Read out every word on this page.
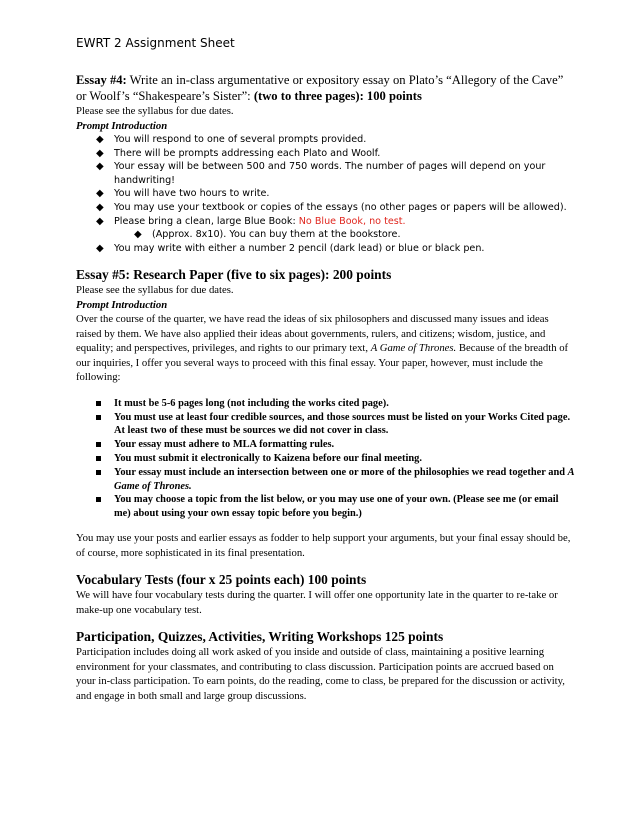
EWRT 2 Assignment Sheet
Essay #4: Write an in-class argumentative or expository essay on Plato’s “Allegory of the Cave” or Woolf’s “Shakespeare’s Sister”: (two to three pages): 100 points
Please see the syllabus for due dates.
Prompt Introduction
◆ You will respond to one of several prompts provided.
◆ There will be prompts addressing each Plato and Woolf.
◆ Your essay will be between 500 and 750 words. The number of pages will depend on your handwriting!
◆ You will have two hours to write.
◆ You may use your textbook or copies of the essays (no other pages or papers will be allowed).
◆ Please bring a clean, large Blue Book: No Blue Book, no test.
◆ (Approx. 8x10). You can buy them at the bookstore.
◆ You may write with either a number 2 pencil (dark lead) or blue or black pen.
Essay #5: Research Paper (five to six pages): 200 points
Please see the syllabus for due dates.
Prompt Introduction
Over the course of the quarter, we have read the ideas of six philosophers and discussed many issues and ideas raised by them. We have also applied their ideas about governments, rulers, and citizens; wisdom, justice, and equality; and perspectives, privileges, and rights to our primary text, A Game of Thrones. Because of the breadth of our inquiries, I offer you several ways to proceed with this final essay. Your paper, however, must include the following:
It must be 5-6 pages long (not including the works cited page).
You must use at least four credible sources, and those sources must be listed on your Works Cited page. At least two of these must be sources we did not cover in class.
Your essay must adhere to MLA formatting rules.
You must submit it electronically to Kaizena before our final meeting.
Your essay must include an intersection between one or more of the philosophies we read together and A Game of Thrones.
You may choose a topic from the list below, or you may use one of your own. (Please see me (or email me) about using your own essay topic before you begin.)
You may use your posts and earlier essays as fodder to help support your arguments, but your final essay should be, of course, more sophisticated in its final presentation.
Vocabulary Tests (four x 25 points each) 100 points
We will have four vocabulary tests during the quarter. I will offer one opportunity late in the quarter to re-take or make-up one vocabulary test.
Participation, Quizzes, Activities, Writing Workshops 125 points
Participation includes doing all work asked of you inside and outside of class, maintaining a positive learning environment for your classmates, and contributing to class discussion. Participation points are accrued based on your in-class participation. To earn points, do the reading, come to class, be prepared for the discussion or activity, and engage in both small and large group discussions.
